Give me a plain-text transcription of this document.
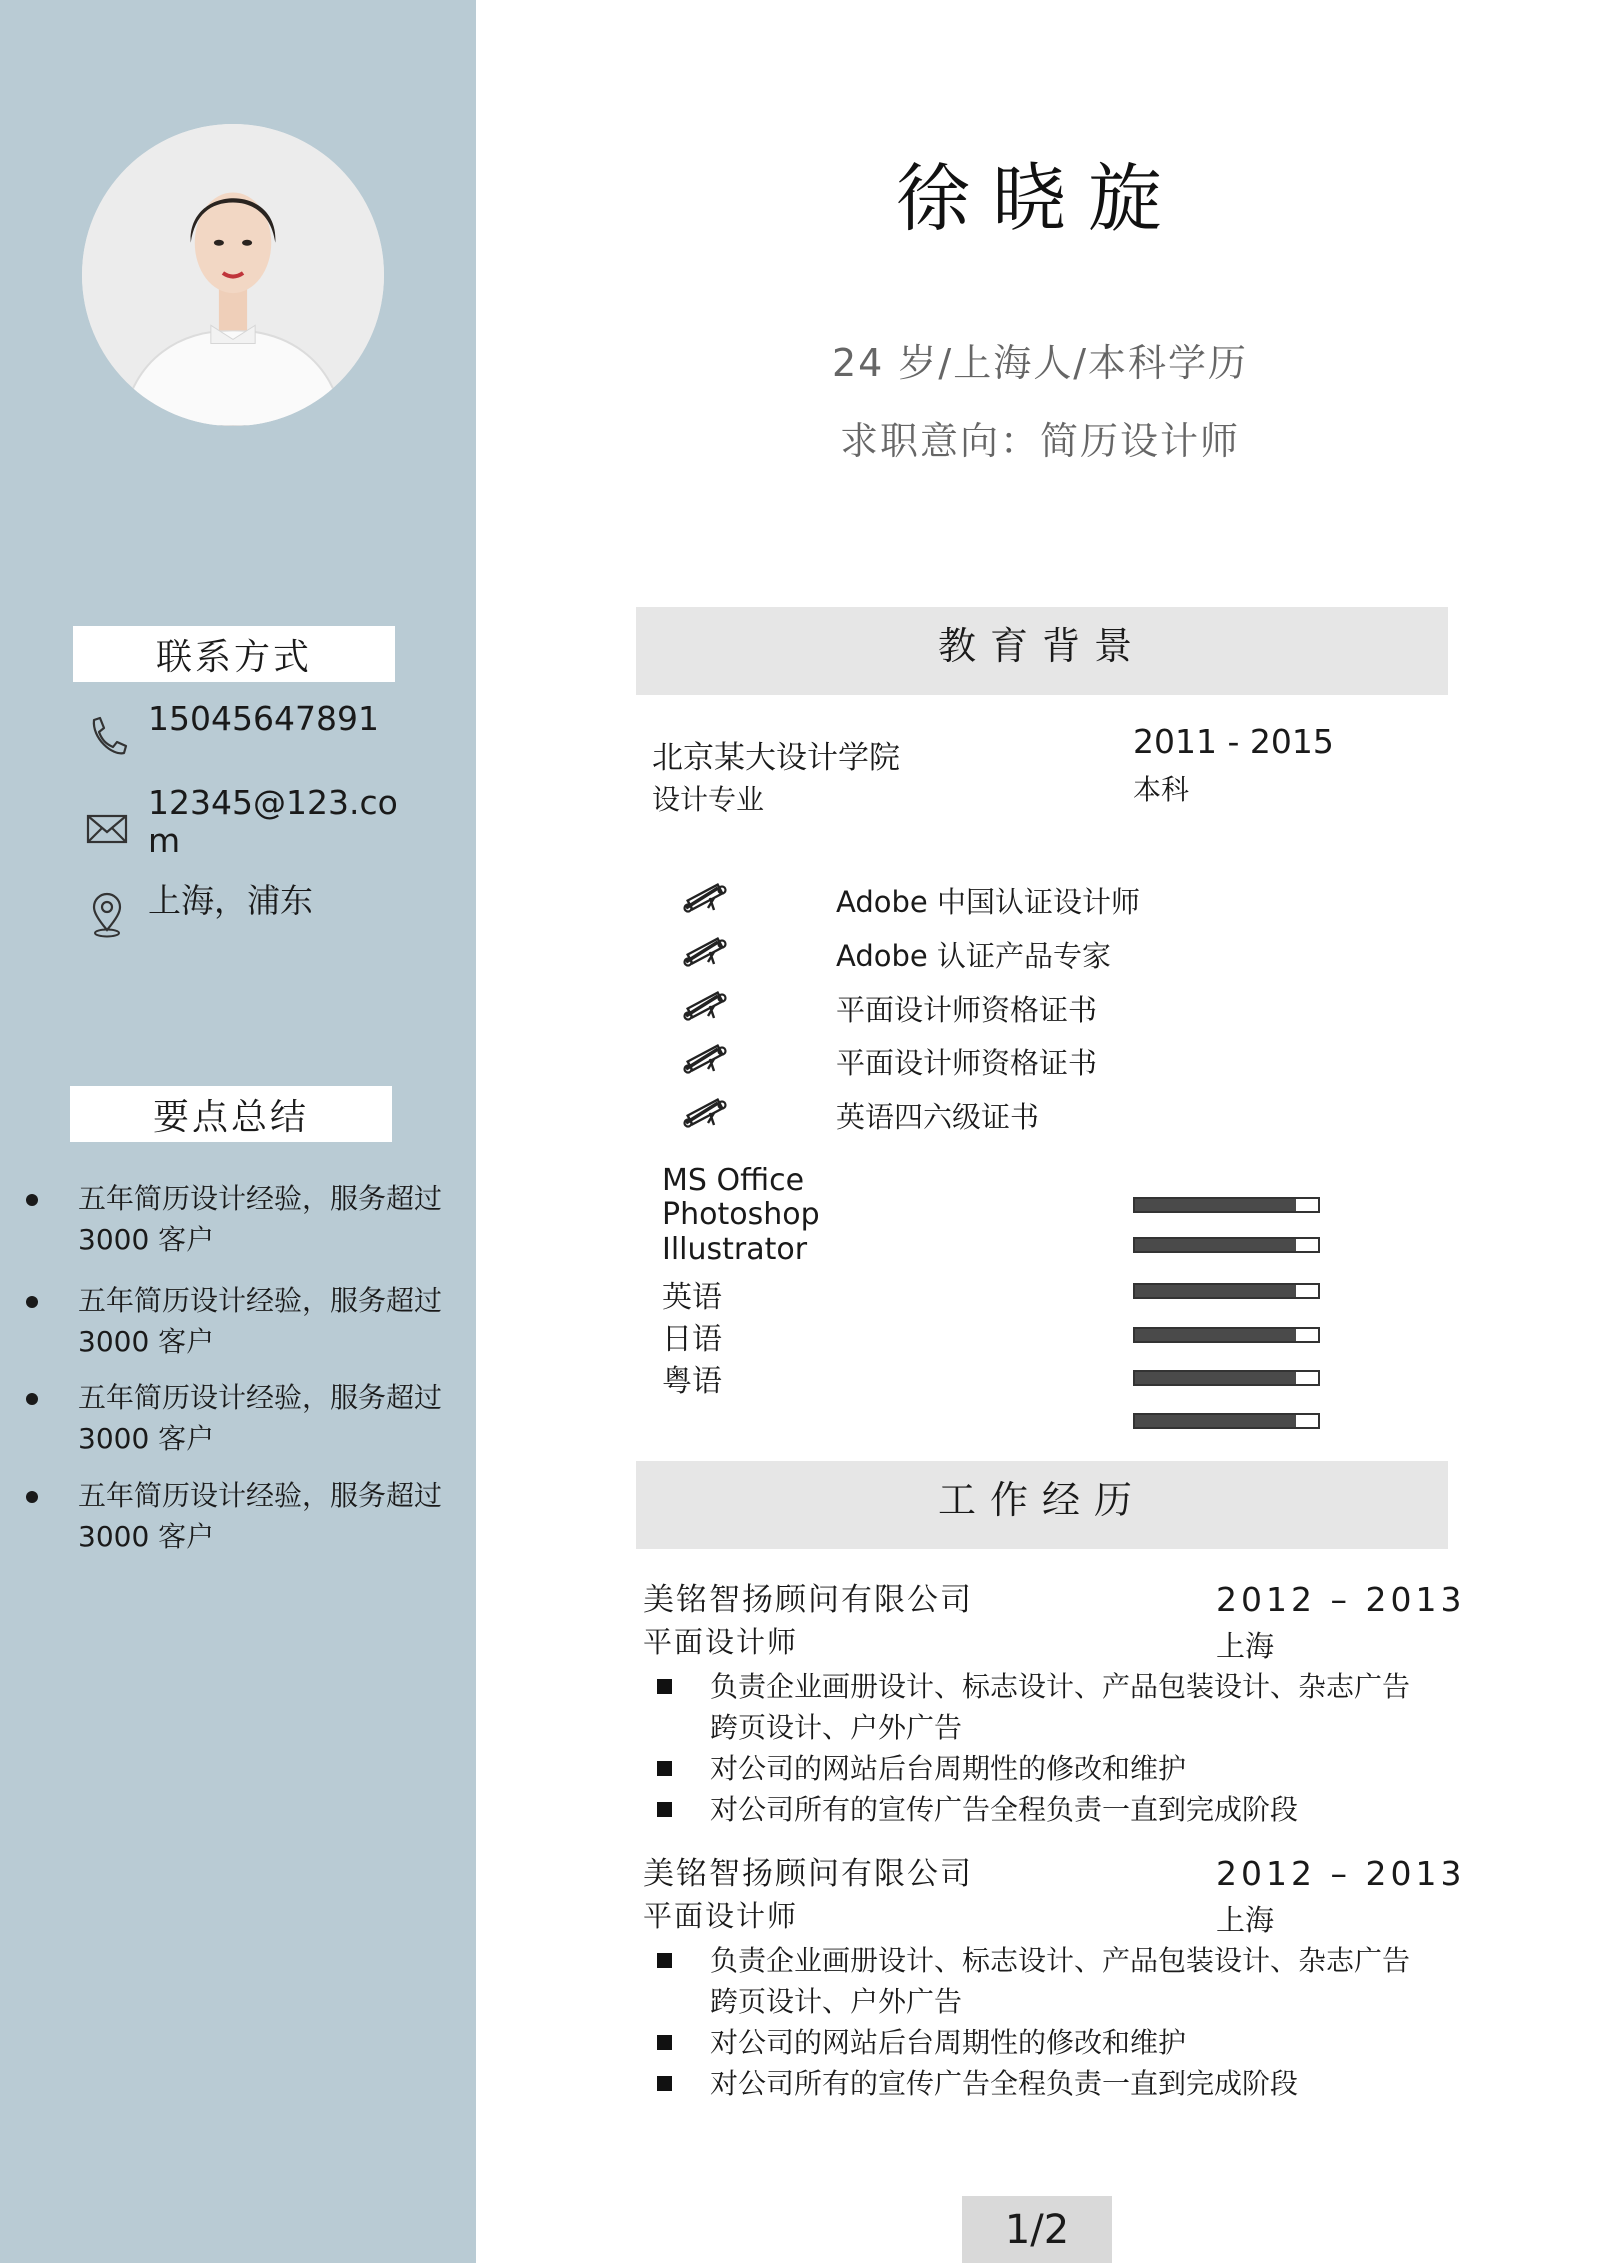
联系方式
15045647891
12345@123.com
上海，浦东
要点总结
五年简历设计经验，服务超过 3000 客户
五年简历设计经验，服务超过 3000 客户
五年简历设计经验，服务超过 3000 客户
五年简历设计经验，服务超过 3000 客户
徐晓旋
24 岁/上海人/本科学历
求职意向：简历设计师
教育背景
北京某大设计学院
设计专业
2011 - 2015
本科
Adobe 中国认证设计师
Adobe 认证产品专家
平面设计师资格证书
平面设计师资格证书
英语四六级证书
MS Office
Photoshop
Illustrator
英语
日语
粤语
工作经历
美铭智扬顾问有限公司
平面设计师
2012 – 2013
上海
负责企业画册设计、标志设计、产品包装设计、杂志广告跨页设计、户外广告
对公司的网站后台周期性的修改和维护
对公司所有的宣传广告全程负责一直到完成阶段
美铭智扬顾问有限公司
平面设计师
2012 – 2013
上海
负责企业画册设计、标志设计、产品包装设计、杂志广告跨页设计、户外广告
对公司的网站后台周期性的修改和维护
对公司所有的宣传广告全程负责一直到完成阶段
1/2
